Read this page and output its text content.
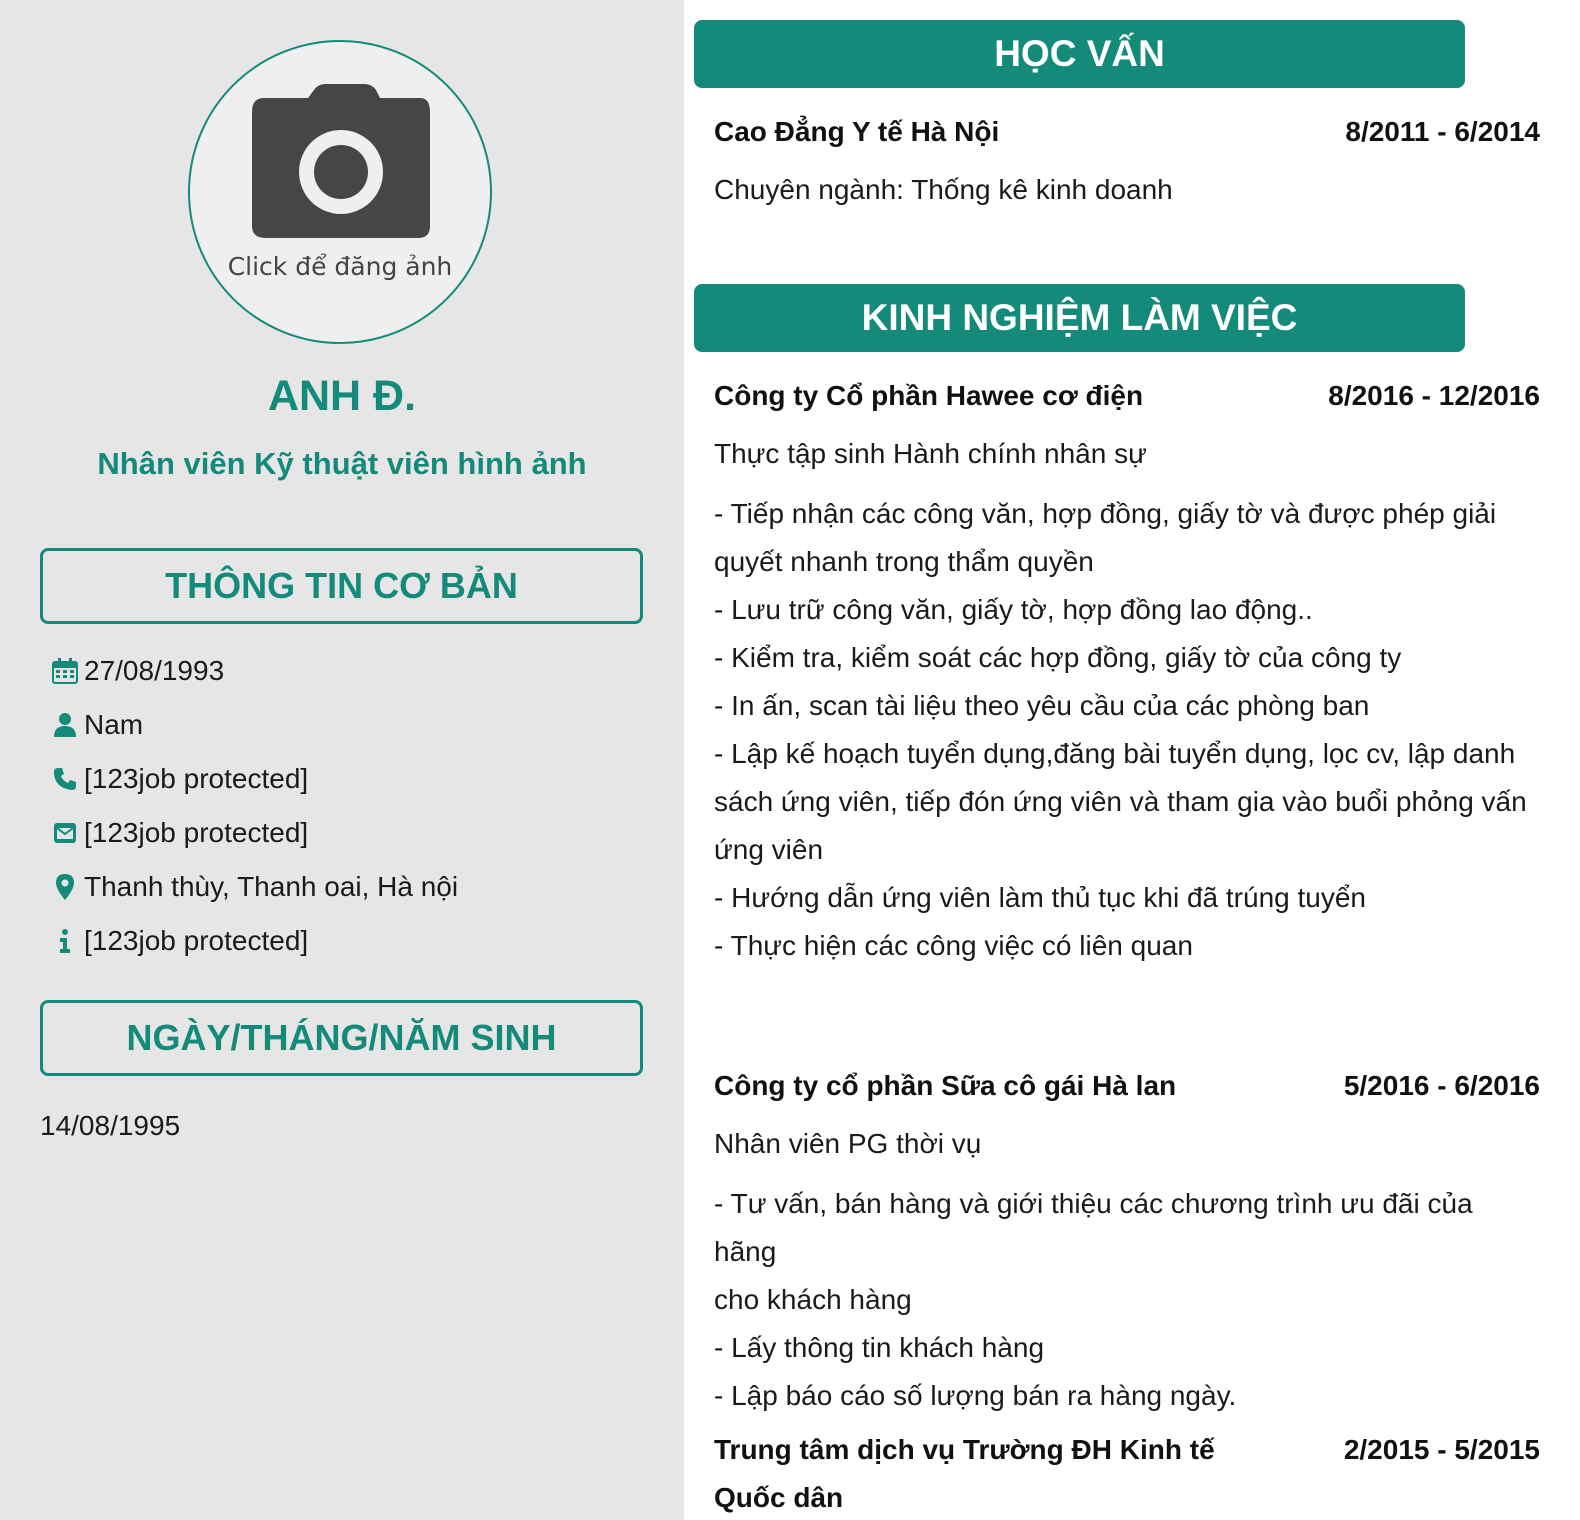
Click để đăng ảnh
ANH Đ.
Nhân viên Kỹ thuật viên hình ảnh
THÔNG TIN CƠ BẢN
27/08/1993
Nam
[123job protected]
[123job protected]
Thanh thùy, Thanh oai, Hà nội
[123job protected]
NGÀY/THÁNG/NĂM SINH
14/08/1995
HỌC VẤN
Cao Đẳng Y tế Hà Nội	8/2011 - 6/2014
Chuyên ngành: Thống kê kinh doanh
KINH NGHIỆM LÀM VIỆC
Công ty Cổ phần Hawee cơ điện	8/2016 - 12/2016
Thực tập sinh Hành chính nhân sự
- Tiếp nhận các công văn, hợp đồng, giấy tờ và được phép giải
quyết nhanh trong thẩm quyền
- Lưu trữ công văn, giấy tờ, hợp đồng lao động..
- Kiểm tra, kiểm soát các hợp đồng, giấy tờ của công ty
- In ấn, scan tài liệu theo yêu cầu của các phòng ban
- Lập kế hoạch tuyển dụng,đăng bài tuyển dụng, lọc cv, lập danh
sách ứng viên, tiếp đón ứng viên và tham gia vào buổi phỏng vấn
ứng viên
- Hướng dẫn ứng viên làm thủ tục khi đã trúng tuyển
- Thực hiện các công việc có liên quan
Công ty cổ phần Sữa cô gái Hà lan	5/2016 - 6/2016
Nhân viên PG thời vụ
- Tư vấn, bán hàng và giới thiệu các chương trình ưu đãi của hãng
cho khách hàng
- Lấy thông tin khách hàng
- Lập báo cáo số lượng bán ra hàng ngày.
Trung tâm dịch vụ Trường ĐH Kinh tế
Quốc dân
2/2015 - 5/2015
